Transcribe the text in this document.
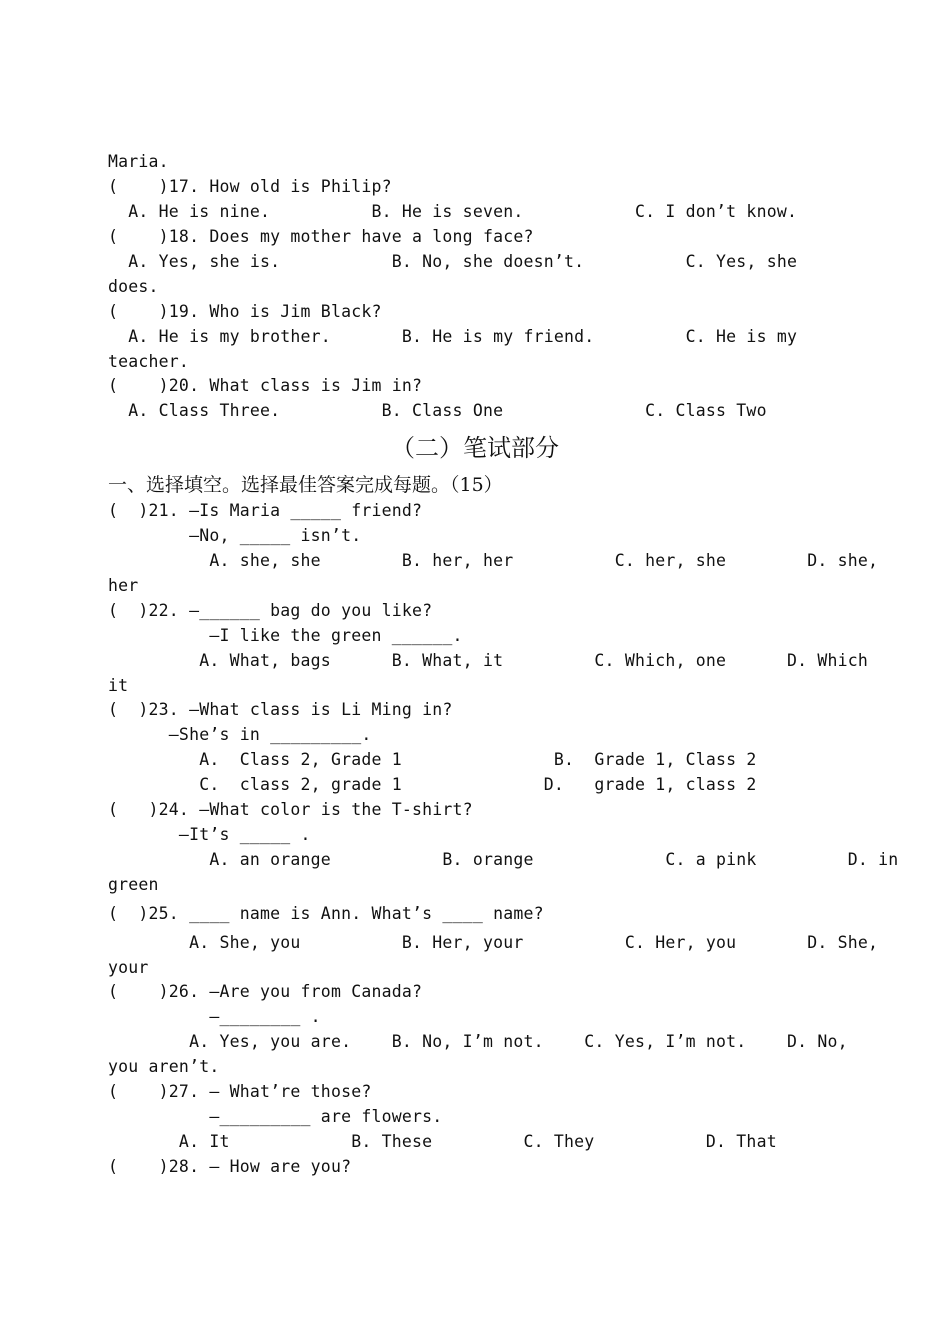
Maria.
(    )17. How old is Philip?
A. He is nine.          B. He is seven.           C. I don’t know.
(    )18. Does my mother have a long face?
A. Yes, she is.           B. No, she doesn’t.          C. Yes, she
does.
(    )19. Who is Jim Black?
A. He is my brother.       B. He is my friend.         C. He is my
teacher.
(    )20. What class is Jim in?
A. Class Three.          B. Class One              C. Class Two
（二）笔试部分
一、选择填空。选择最佳答案完成每题。（15）
(  )21. —Is Maria _____ friend?
—No, _____ isn’t.
A. she, she        B. her, her          C. her, she        D. she,
her
(  )22. —______ bag do you like?
—I like the green ______.
A. What, bags      B. What, it         C. Which, one      D. Which
it
(  )23. —What class is Li Ming in?
—She’s in _________.
A.  Class 2, Grade 1               B.  Grade 1, Class 2
C.  class 2, grade 1              D.   grade 1, class 2
(   )24. —What color is the T-shirt?
—It’s _____ .
A. an orange           B. orange             C. a pink         D. in
green
(  )25. ____ name is Ann. What’s ____ name?
A. She, you          B. Her, your          C. Her, you       D. She,
your
(    )26. —Are you from Canada?
—________ .
A. Yes, you are.    B. No, I’m not.    C. Yes, I’m not.    D. No,
you aren’t.
(    )27. — What’re those?
—_________ are flowers.
A. It            B. These         C. They           D. That
(    )28. — How are you?
